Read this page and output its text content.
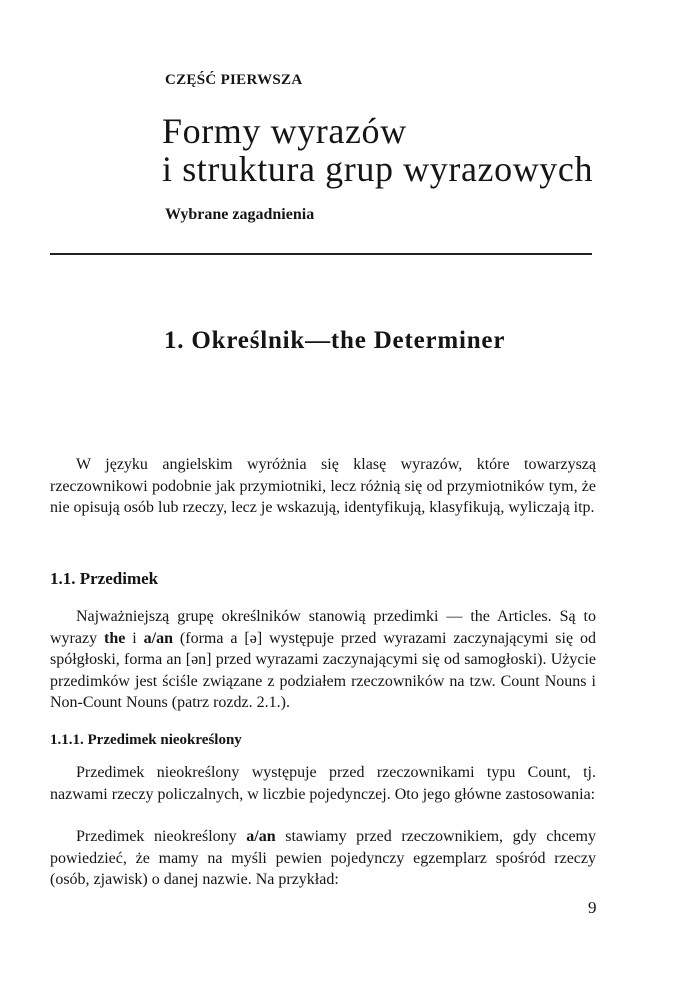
CZĘŚĆ PIERWSZA
Formy wyrazów
i struktura grup wyrazowych
Wybrane zagadnienia
1. Określnik—the Determiner

W języku angielskim wyróżnia się klasę wyrazów, które towarzyszą rzeczownikowi podobnie jak przymiotniki, lecz różnią się od przymiotników tym, że nie opisują osób lub rzeczy, lecz je wskazują, identyfikują, klasyfikują, wyliczają itp.

1.1. Przedimek

Najważniejszą grupę określników stanowią przedimki — the Articles. Są to wyrazy the i a/an (forma a [ə] występuje przed wyrazami zaczynającymi się od spółgłoski, forma an [ən] przed wyrazami zaczynającymi się od samogłoski). Użycie przedimków jest ściśle związane z podziałem rzeczowników na tzw. Count Nouns i Non-Count Nouns (patrz rozdz. 2.1.).

1.1.1. Przedimek nieokreślony

Przedimek nieokreślony występuje przed rzeczownikami typu Count, tj. nazwami rzeczy policzalnych, w liczbie pojedynczej. Oto jego główne zastosowania:

Przedimek nieokreślony a/an stawiamy przed rzeczownikiem, gdy chcemy powiedzieć, że mamy na myśli pewien pojedynczy egzemplarz spośród rzeczy (osób, zjawisk) o danej nazwie. Na przykład:

9
